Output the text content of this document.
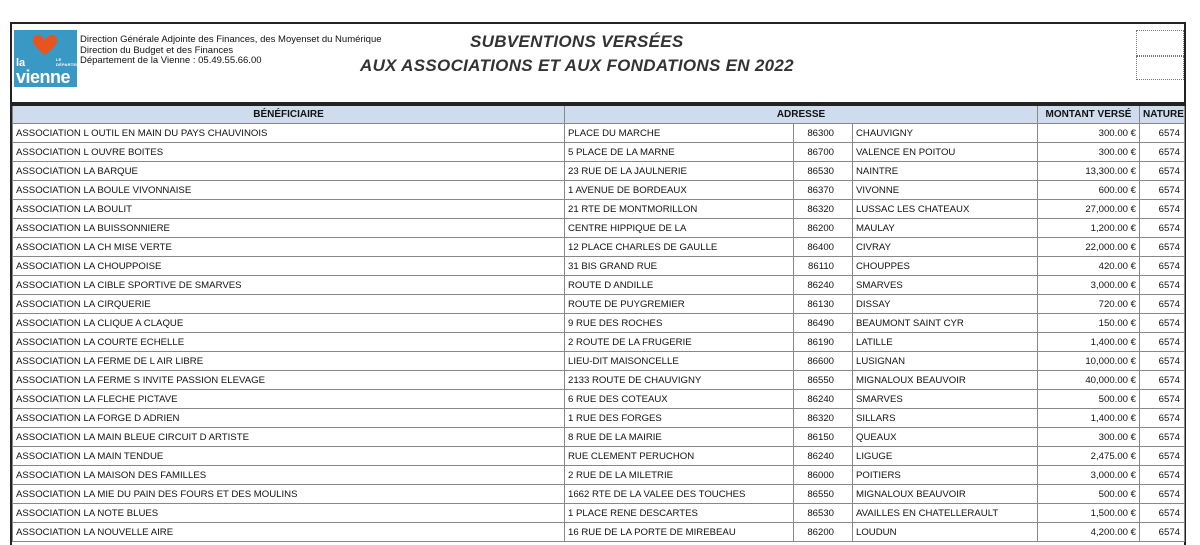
la	LE DÉPARTEMENT
vienne
Direction Générale Adjointe des Finances, des Moyenset du Numérique
Direction du Budget et des Finances
Département de la Vienne : 05.49.55.66.00
SUBVENTIONS VERSÉES
AUX ASSOCIATIONS ET AUX FONDATIONS EN 2022
BÉNÉFICIAIRE	ADRESSE			MONTANT VERSÉ	NATURE
ASSOCIATION L OUTIL EN MAIN DU PAYS CHAUVINOIS	PLACE DU MARCHE	86300	CHAUVIGNY	300.00 €	6574
ASSOCIATION L OUVRE BOITES	5 PLACE DE LA MARNE	86700	VALENCE EN POITOU	300.00 €	6574
ASSOCIATION LA BARQUE	23 RUE DE LA JAULNERIE	86530	NAINTRE	13,300.00 €	6574
ASSOCIATION LA BOULE VIVONNAISE	1 AVENUE DE BORDEAUX	86370	VIVONNE	600.00 €	6574
ASSOCIATION LA BOULIT	21 RTE DE MONTMORILLON	86320	LUSSAC LES CHATEAUX	27,000.00 €	6574
ASSOCIATION LA BUISSONNIERE	CENTRE HIPPIQUE DE LA	86200	MAULAY	1,200.00 €	6574
ASSOCIATION LA CH MISE VERTE	12 PLACE CHARLES DE GAULLE	86400	CIVRAY	22,000.00 €	6574
ASSOCIATION LA CHOUPPOISE	31 BIS GRAND RUE	86110	CHOUPPES	420.00 €	6574
ASSOCIATION LA CIBLE SPORTIVE DE SMARVES	ROUTE D ANDILLE	86240	SMARVES	3,000.00 €	6574
ASSOCIATION LA CIRQUERIE	ROUTE DE PUYGREMIER	86130	DISSAY	720.00 €	6574
ASSOCIATION LA CLIQUE A CLAQUE	9 RUE DES ROCHES	86490	BEAUMONT SAINT CYR	150.00 €	6574
ASSOCIATION LA COURTE ECHELLE	2 ROUTE DE LA FRUGERIE	86190	LATILLE	1,400.00 €	6574
ASSOCIATION LA FERME DE L AIR LIBRE	LIEU-DIT MAISONCELLE	86600	LUSIGNAN	10,000.00 €	6574
ASSOCIATION LA FERME S INVITE PASSION ELEVAGE	2133 ROUTE DE CHAUVIGNY	86550	MIGNALOUX BEAUVOIR	40,000.00 €	6574
ASSOCIATION LA FLECHE PICTAVE	6 RUE DES COTEAUX	86240	SMARVES	500.00 €	6574
ASSOCIATION LA FORGE D ADRIEN	1 RUE DES FORGES	86320	SILLARS	1,400.00 €	6574
ASSOCIATION LA MAIN BLEUE CIRCUIT D ARTISTE	8 RUE DE LA MAIRIE	86150	QUEAUX	300.00 €	6574
ASSOCIATION LA MAIN TENDUE	RUE CLEMENT PERUCHON	86240	LIGUGE	2,475.00 €	6574
ASSOCIATION LA MAISON DES FAMILLES	2 RUE DE LA MILETRIE	86000	POITIERS	3,000.00 €	6574
ASSOCIATION LA MIE DU PAIN DES FOURS ET DES MOULINS	1662 RTE DE LA VALEE DES TOUCHES	86550	MIGNALOUX BEAUVOIR	500.00 €	6574
ASSOCIATION LA NOTE BLUES	1 PLACE RENE DESCARTES	86530	AVAILLES EN CHATELLERAULT	1,500.00 €	6574
ASSOCIATION LA NOUVELLE AIRE	16 RUE DE LA PORTE DE MIREBEAU	86200	LOUDUN	4,200.00 €	6574
